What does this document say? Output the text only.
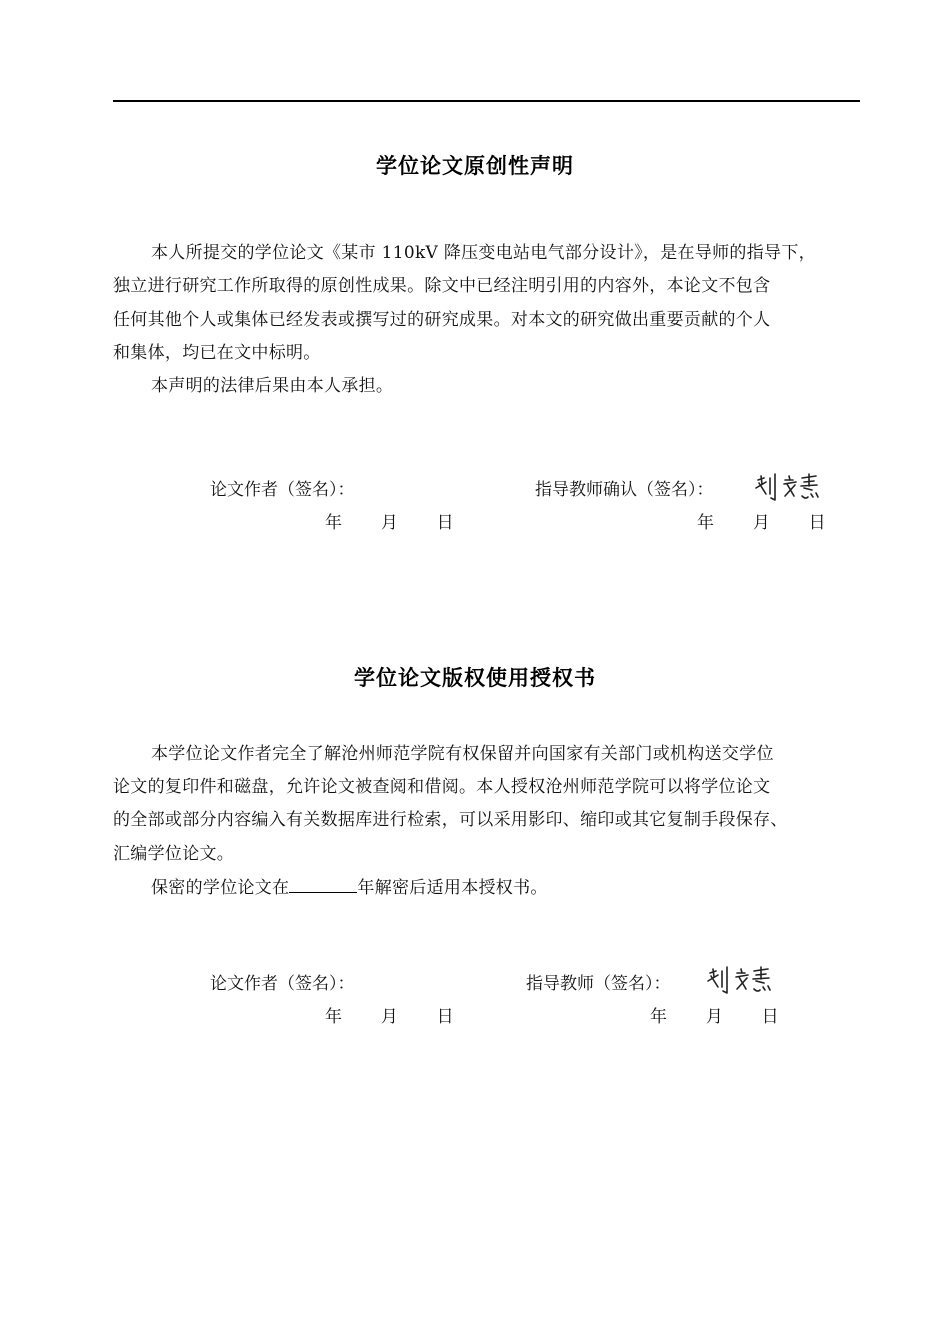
学位论文原创性声明
本人所提交的学位论文《某市 110kV 降压变电站电气部分设计》，是在导师的指导下，
独立进行研究工作所取得的原创性成果。除文中已经注明引用的内容外，本论文不包含
任何其他个人或集体已经发表或撰写过的研究成果。对本文的研究做出重要贡献的个人
和集体，均已在文中标明。
本声明的法律后果由本人承担。
论文作者（签名）：	指导教师确认（签名）：
年 月 日	年 月 日
学位论文版权使用授权书
本学位论文作者完全了解沧州师范学院有权保留并向国家有关部门或机构送交学位
论文的复印件和磁盘，允许论文被查阅和借阅。本人授权沧州师范学院可以将学位论文
的全部或部分内容编入有关数据库进行检索，可以采用影印、缩印或其它复制手段保存、
汇编学位论文。
保密的学位论文在	年解密后适用本授权书。
论文作者（签名）：	指导教师（签名）：
年 月 日	年 月 日
